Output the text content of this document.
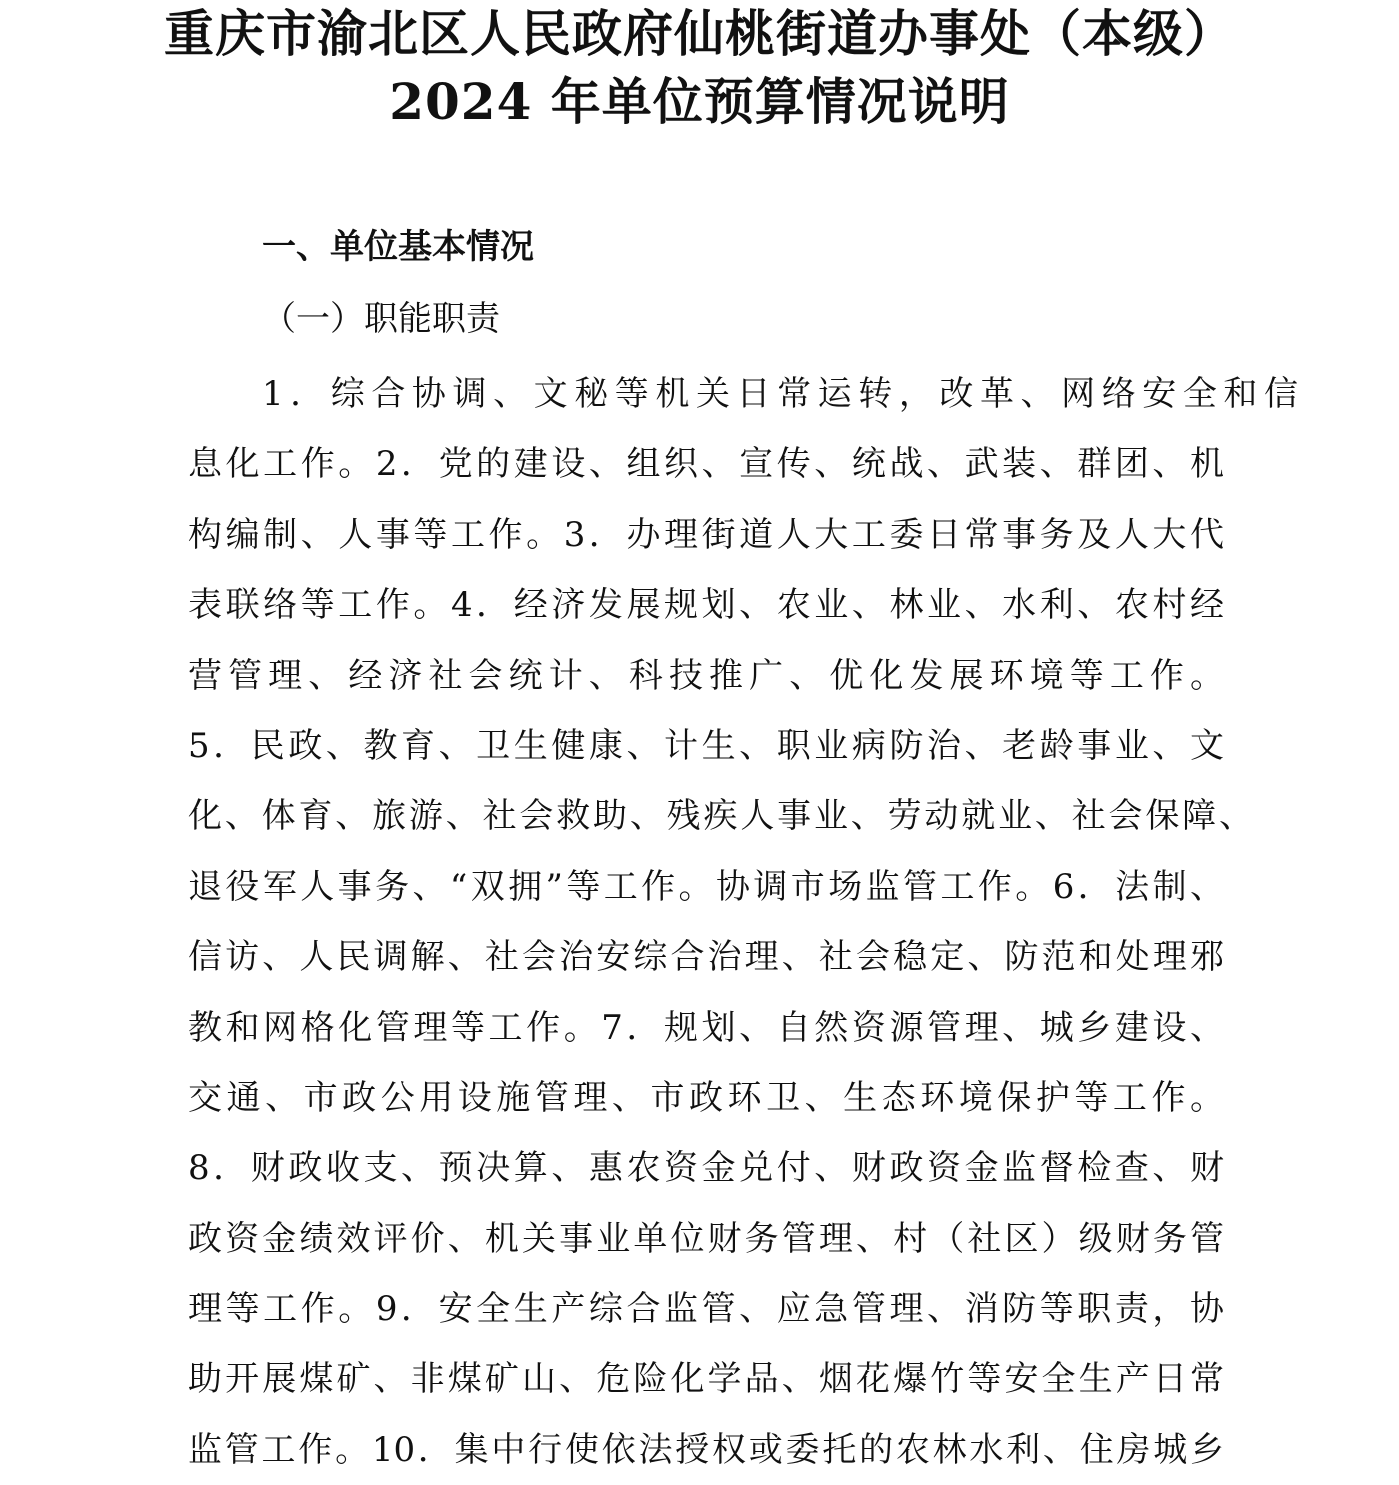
重庆市渝北区人民政府仙桃街道办事处（本级）
2024 年单位预算情况说明
一、单位基本情况
（一）职能职责
1．综合协调、文秘等机关日常运转，改革、网络安全和信
息化工作。2．党的建设、组织、宣传、统战、武装、群团、机
构编制、人事等工作。3．办理街道人大工委日常事务及人大代
表联络等工作。4．经济发展规划、农业、林业、水利、农村经
营管理、经济社会统计、科技推广、优化发展环境等工作。
5．民政、教育、卫生健康、计生、职业病防治、老龄事业、文
化、体育、旅游、社会救助、残疾人事业、劳动就业、社会保障、
退役军人事务、“双拥”等工作。协调市场监管工作。6．法制、
信访、人民调解、社会治安综合治理、社会稳定、防范和处理邪
教和网格化管理等工作。7．规划、自然资源管理、城乡建设、
交通、市政公用设施管理、市政环卫、生态环境保护等工作。
8．财政收支、预决算、惠农资金兑付、财政资金监督检查、财
政资金绩效评价、机关事业单位财务管理、村（社区）级财务管
理等工作。9．安全生产综合监管、应急管理、消防等职责，协
助开展煤矿、非煤矿山、危险化学品、烟花爆竹等安全生产日常
监管工作。10．集中行使依法授权或委托的农林水利、住房城乡
